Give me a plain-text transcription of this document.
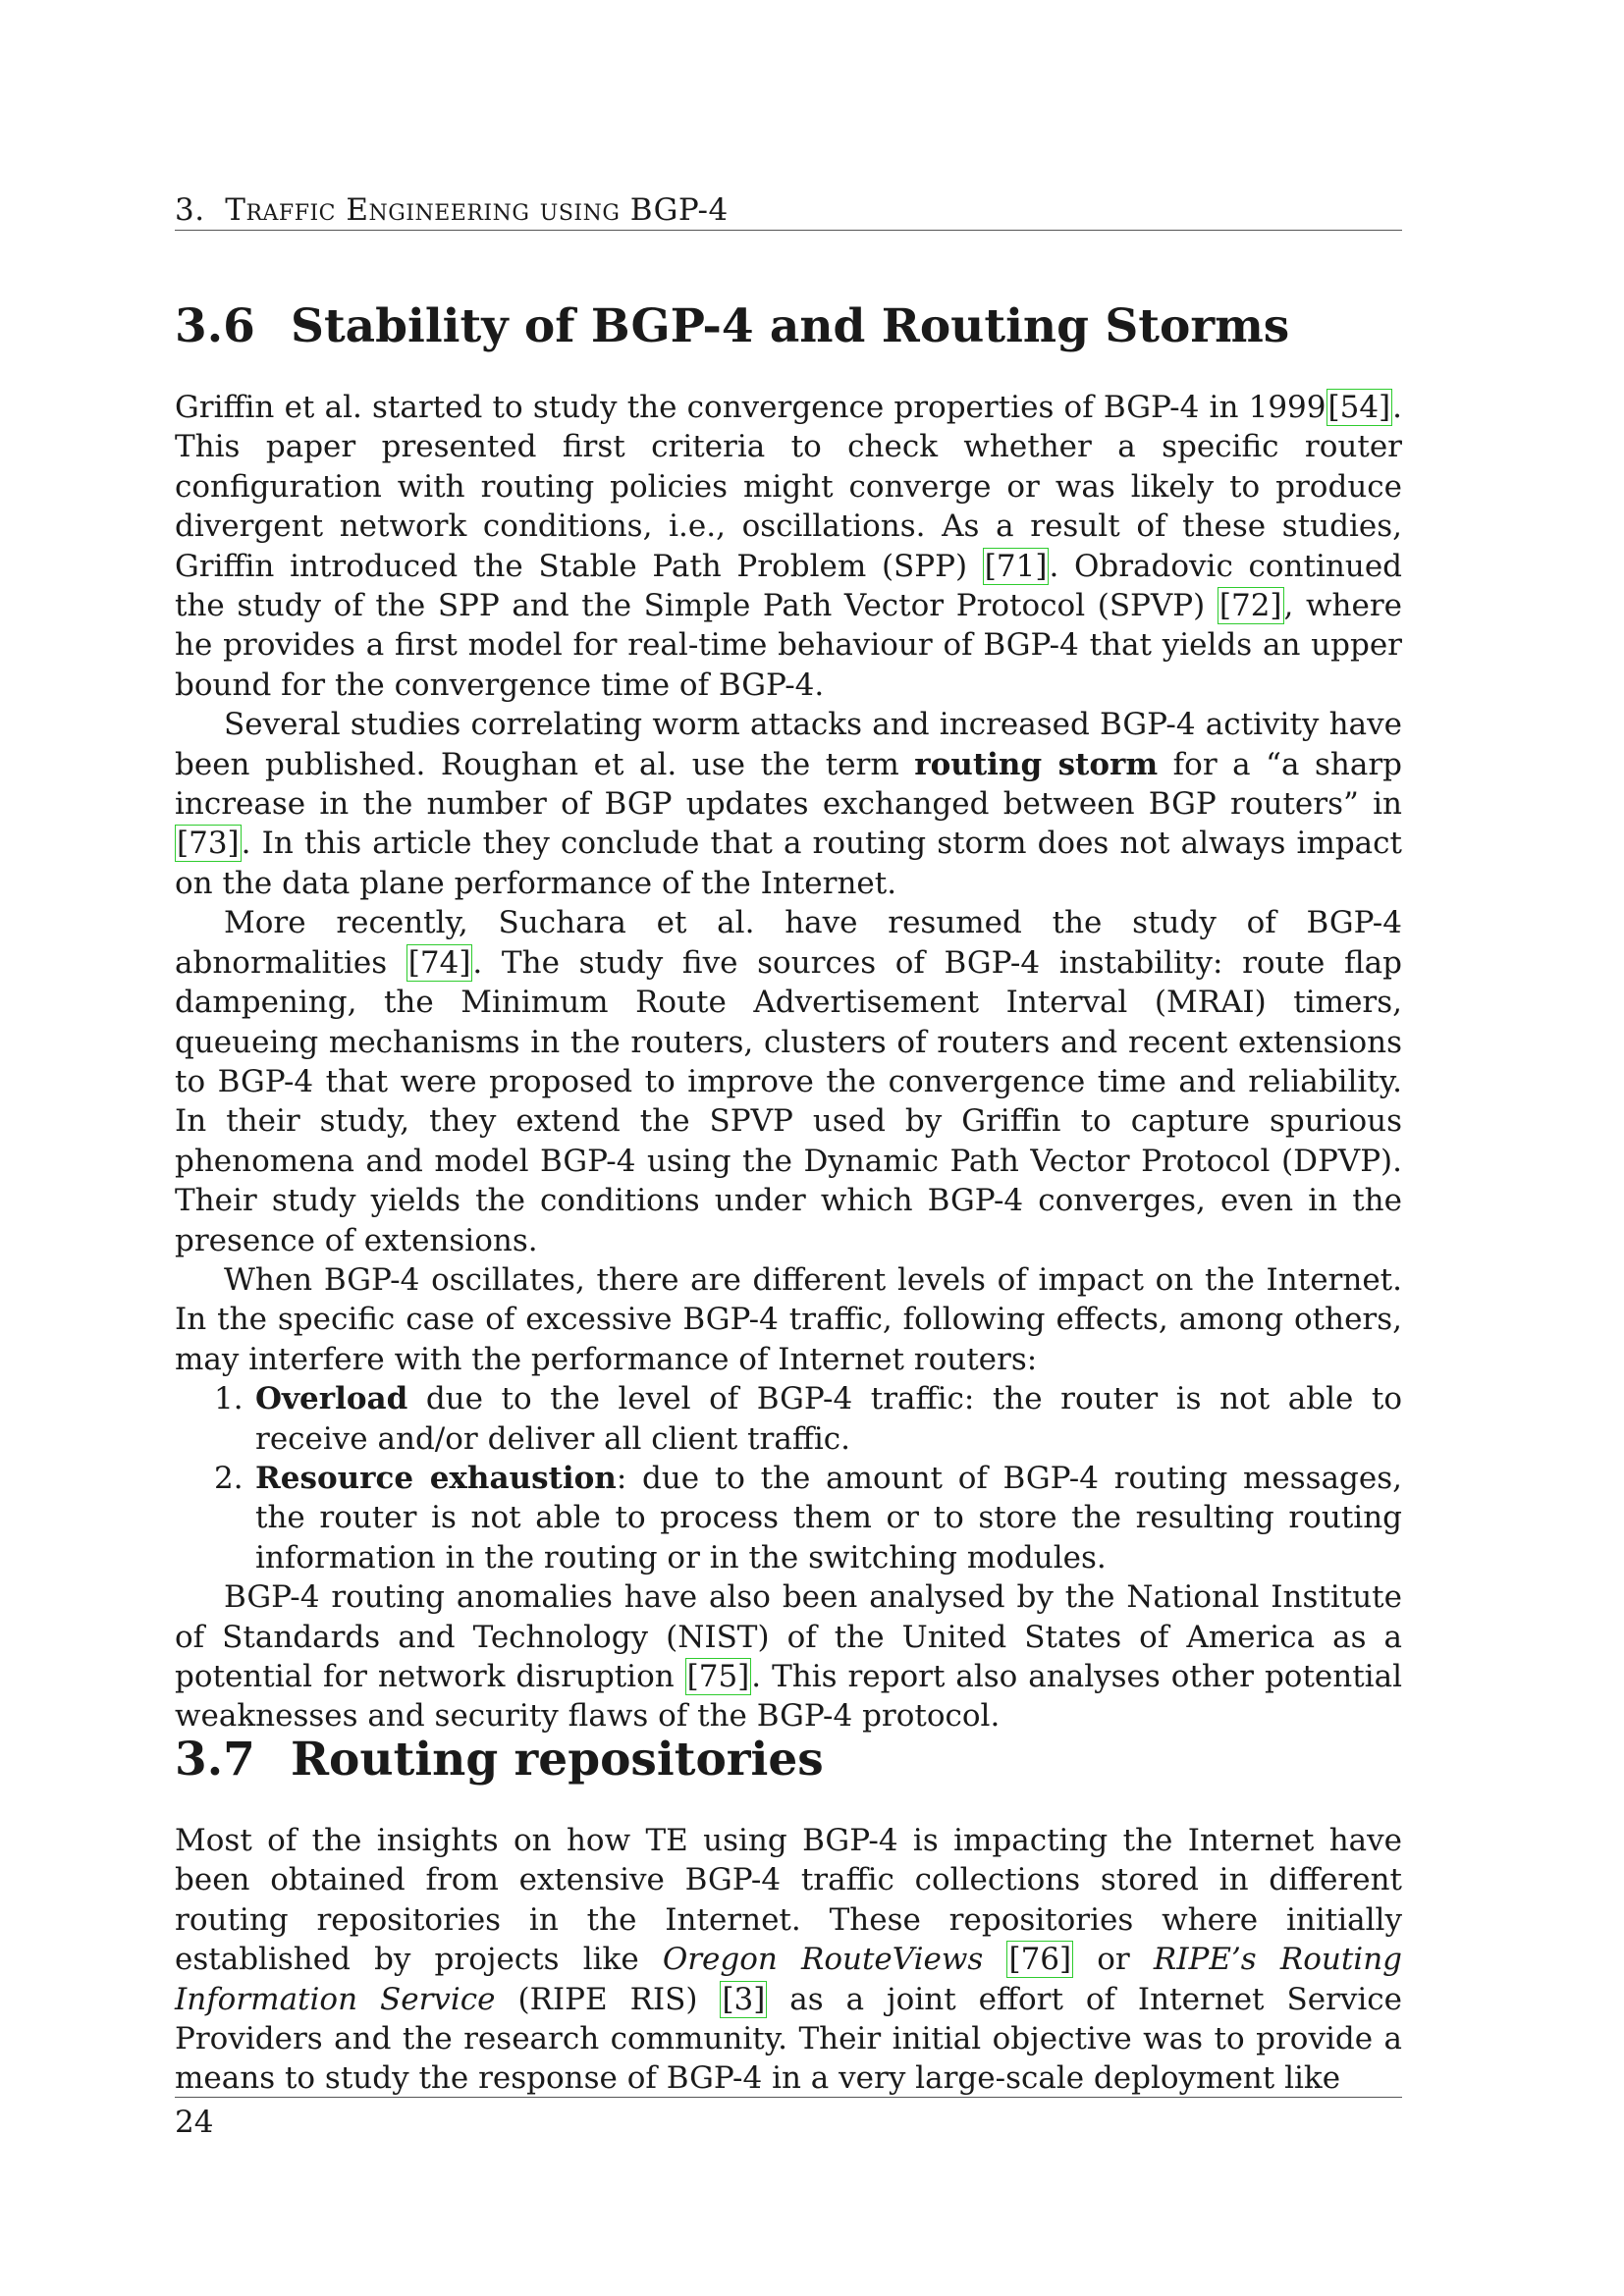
3. Traffic Engineering using BGP-4
3.6 Stability of BGP-4 and Routing Storms

Griffin et al. started to study the convergence properties of BGP-4 in 1999[54]. This paper presented first criteria to check whether a specific router configuration with routing policies might converge or was likely to produce divergent network conditions, i.e., oscillations. As a result of these studies, Griffin introduced the Stable Path Problem (SPP) [71]. Obradovic continued the study of the SPP and the Simple Path Vector Protocol (SPVP) [72], where he provides a first model for real-time behaviour of BGP-4 that yields an upper bound for the convergence time of BGP-4.

Several studies correlating worm attacks and increased BGP-4 activity have been published. Roughan et al. use the term routing storm for a “a sharp increase in the number of BGP updates exchanged between BGP routers” in [73]. In this article they conclude that a routing storm does not always impact on the data plane performance of the Internet.

More recently, Suchara et al. have resumed the study of BGP-4 abnormalities [74]. The study five sources of BGP-4 instability: route flap dampening, the Minimum Route Advertisement Interval (MRAI) timers, queueing mechanisms in the routers, clusters of routers and recent extensions to BGP-4 that were proposed to improve the convergence time and reliability. In their study, they extend the SPVP used by Griffin to capture spurious phenomena and model BGP-4 using the Dynamic Path Vector Protocol (DPVP). Their study yields the conditions under which BGP-4 converges, even in the presence of extensions.

When BGP-4 oscillates, there are different levels of impact on the Internet. In the specific case of excessive BGP-4 traffic, following effects, among others, may interfere with the performance of Internet routers:

1. Overload due to the level of BGP-4 traffic: the router is not able to receive and/or deliver all client traffic.
2. Resource exhaustion: due to the amount of BGP-4 routing messages, the router is not able to process them or to store the resulting routing information in the routing or in the switching modules.

BGP-4 routing anomalies have also been analysed by the National Institute of Standards and Technology (NIST) of the United States of America as a potential for network disruption [75]. This report also analyses other potential weaknesses and security flaws of the BGP-4 protocol.

3.7 Routing repositories

Most of the insights on how TE using BGP-4 is impacting the Internet have been obtained from extensive BGP-4 traffic collections stored in different routing repositories in the Internet. These repositories where initially established by projects like Oregon RouteViews [76] or RIPE’s Routing Information Service (RIPE RIS) [3] as a joint effort of Internet Service Providers and the research community. Their initial objective was to provide a means to study the response of BGP-4 in a very large-scale deployment like

24
